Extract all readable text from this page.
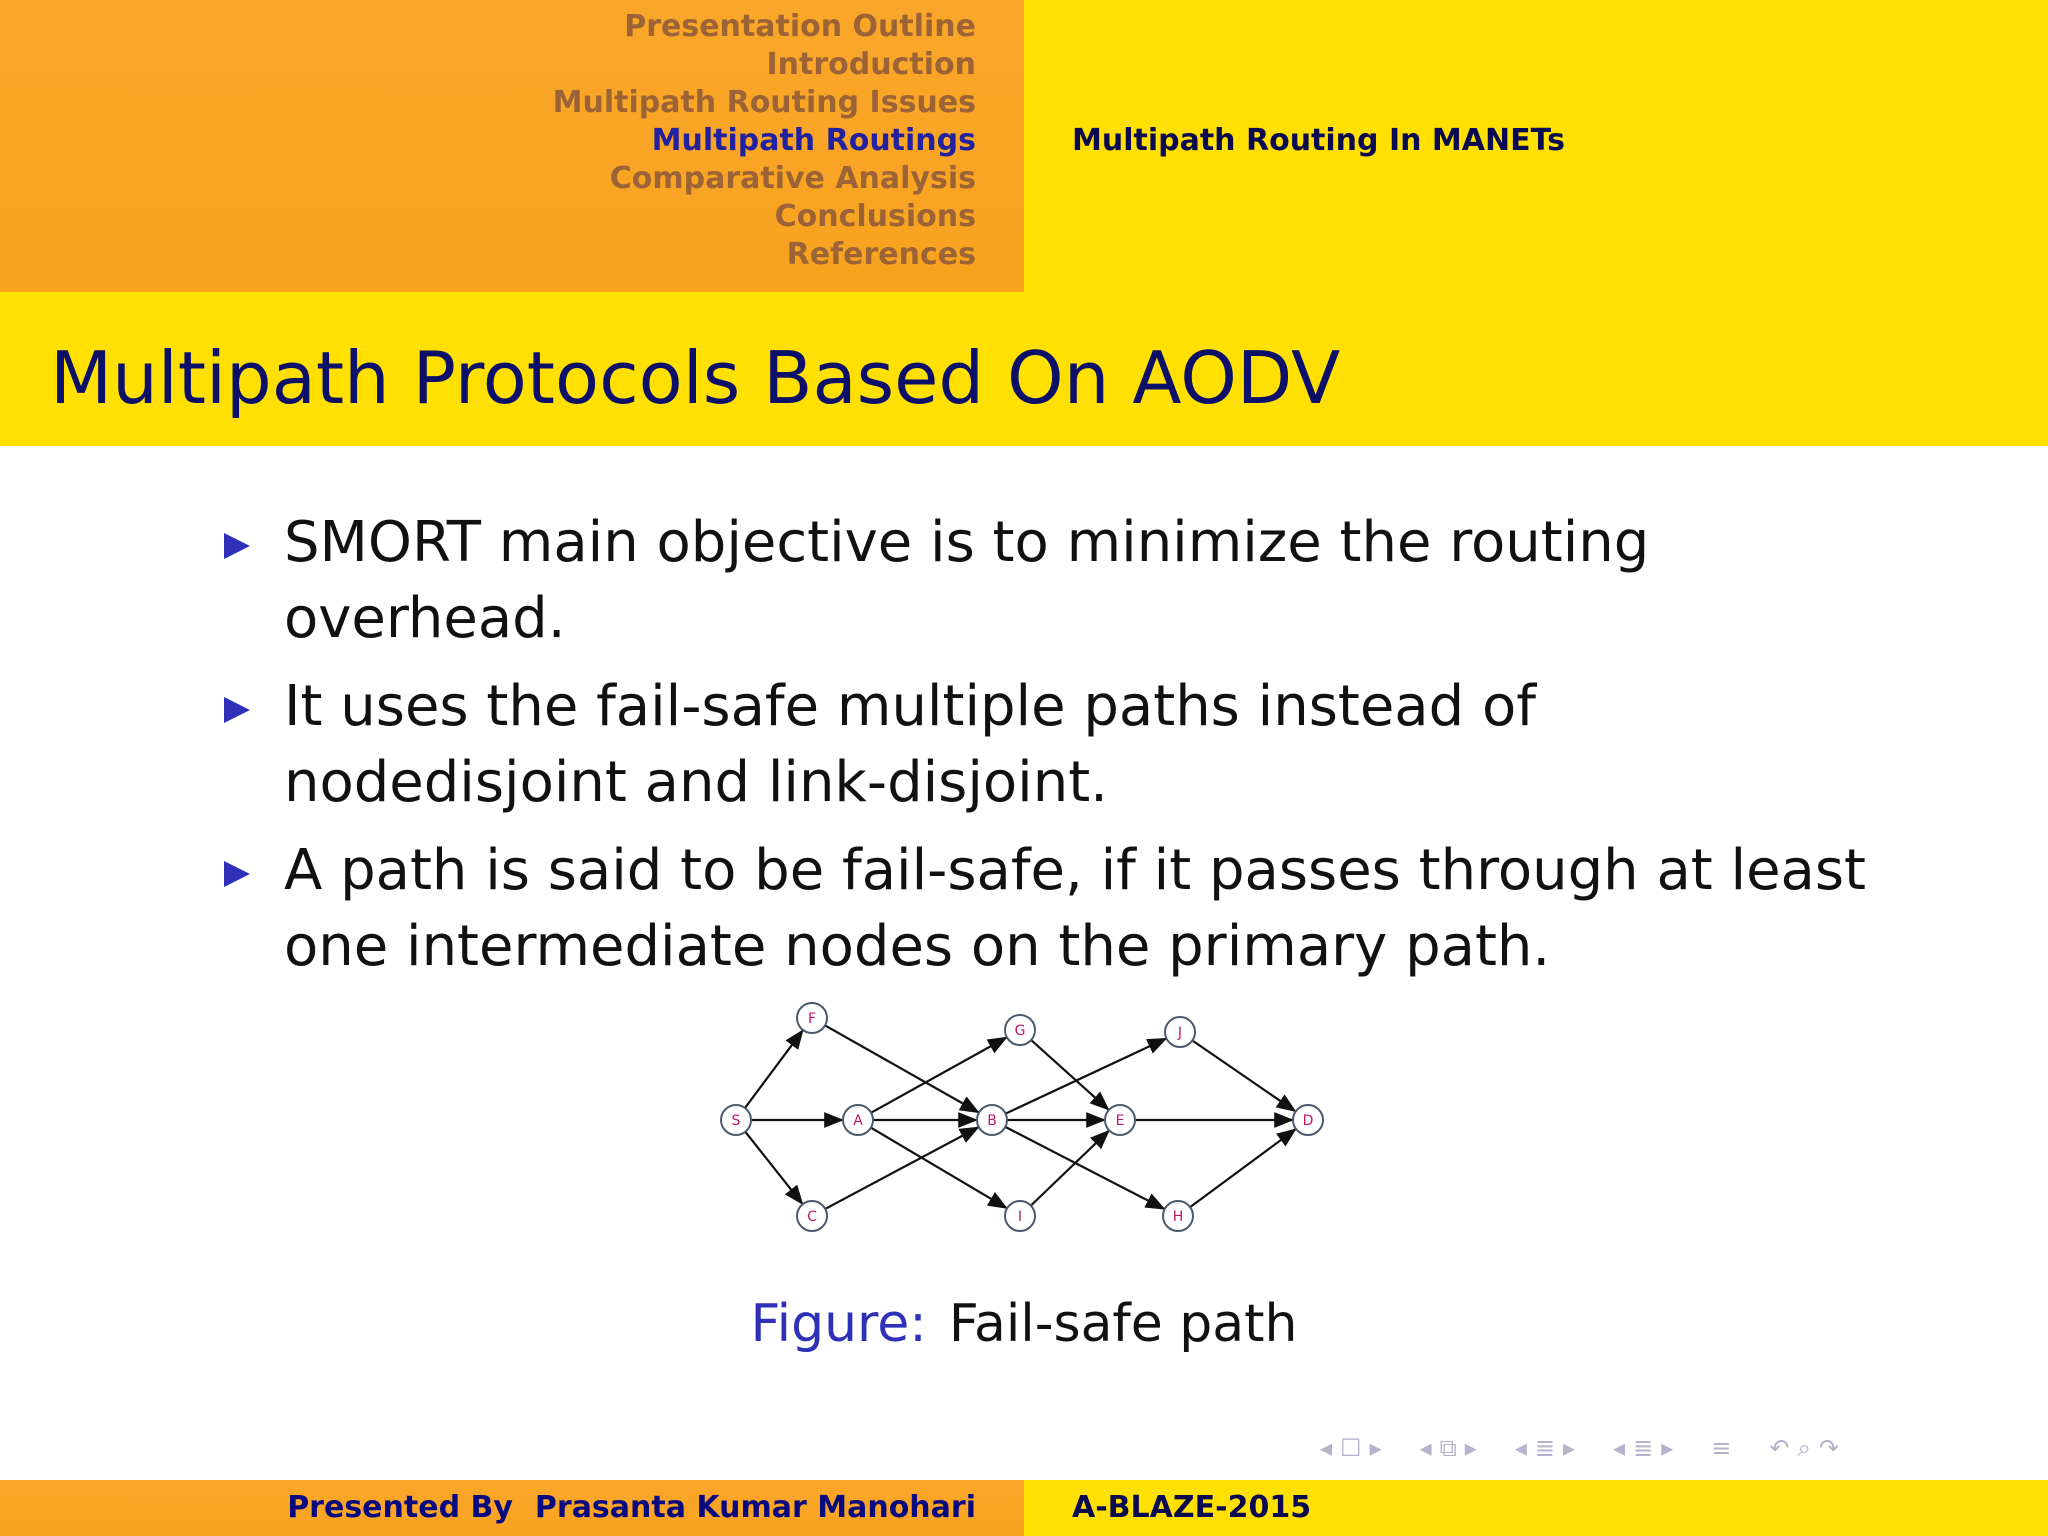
Presentation Outline
Introduction
Multipath Routing Issues
Multipath Routings
Comparative Analysis
Conclusions
References
Multipath Routing In MANETs
Multipath Protocols Based On AODV
SMORT main objective is to minimize the routing overhead.
It uses the fail-safe multiple paths instead of nodedisjoint and link-disjoint.
A path is said to be fail-safe, if it passes through at least one intermediate nodes on the primary path.
S
F
A
C
G
B
I
E
J
H
D
Figure: Fail-safe path
◂ ☐ ▸ ◂ ⧉ ▸ ◂ ≣ ▸ ◂ ≣ ▸ ≡ ↶ ⌕ ↷
Presented By Prasanta Kumar Manohari	A-BLAZE-2015
